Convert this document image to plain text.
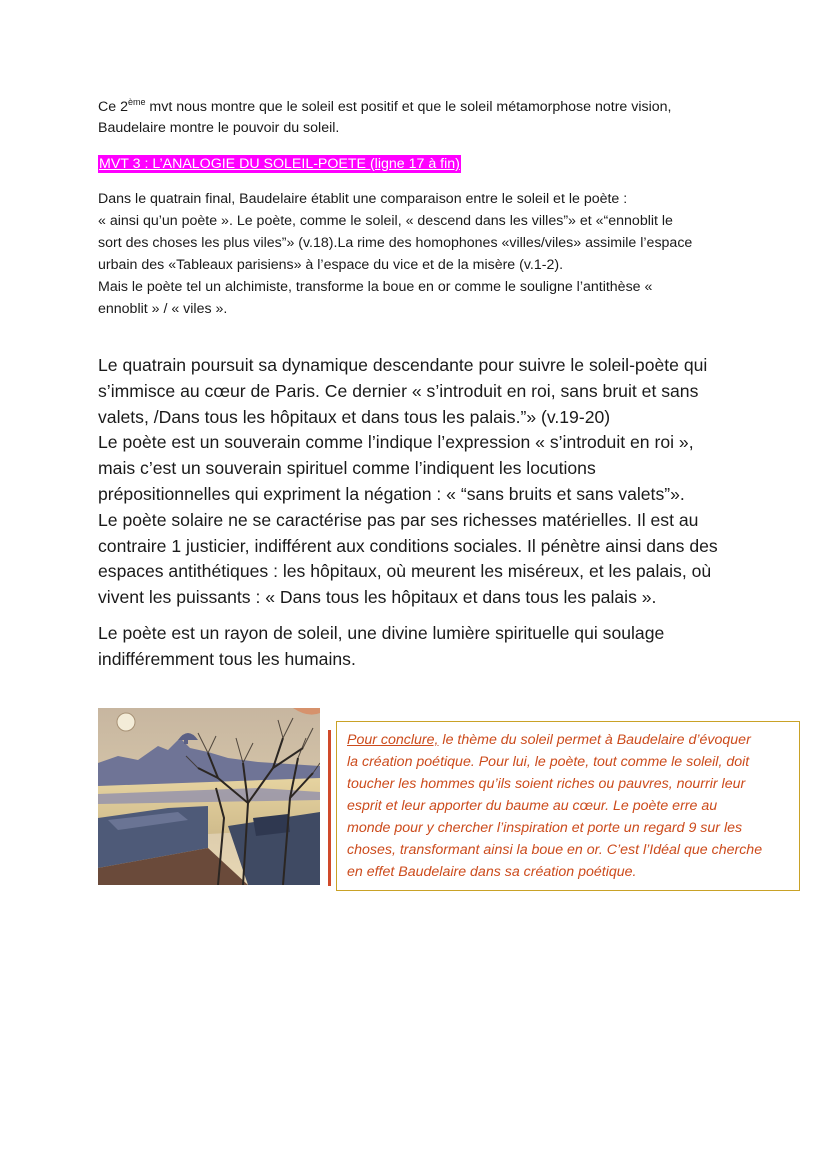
Ce 2ème mvt nous montre que le soleil est positif et que le soleil métamorphose notre vision,
Baudelaire montre le pouvoir du soleil.
MVT 3 : L’ANALOGIE DU SOLEIL-POETE (ligne 17 à fin)
Dans le quatrain final, Baudelaire établit une comparaison entre le soleil et le poète :
« ainsi qu’un poète ». Le poète, comme le soleil, « descend dans les villes”» et «“ennoblit le
sort des choses les plus viles”» (v.18).La rime des homophones «villes/viles» assimile l’espace
urbain des «Tableaux parisiens» à l’espace du vice et de la misère (v.1-2).
Mais le poète tel un alchimiste, transforme la boue en or comme le souligne l’antithèse «
ennoblit » / « viles ».
Le quatrain poursuit sa dynamique descendante pour suivre le soleil-poète qui
s’immisce au cœur de Paris. Ce dernier « s’introduit en roi, sans bruit et sans
valets, /Dans tous les hôpitaux et dans tous les palais.”» (v.19-20)
Le poète est un souverain comme l’indique l’expression « s’introduit en roi »,
mais c’est un souverain spirituel comme l’indiquent les locutions
prépositionnelles qui expriment la négation : « “sans bruits et sans valets”».
Le poète solaire ne se caractérise pas par ses richesses matérielles. Il est au
contraire 1 justicier, indifférent aux conditions sociales. Il pénètre ainsi dans des
espaces antithétiques : les hôpitaux, où meurent les miséreux, et les palais, où
vivent les puissants : « Dans tous les hôpitaux et dans tous les palais ».
Le poète est un rayon de soleil, une divine lumière spirituelle qui soulage indifféremment tous les humains.
Pour conclure, le thème du soleil permet à Baudelaire d’évoquer
la création poétique. Pour lui, le poète, tout comme le soleil, doit
toucher les hommes qu’ils soient riches ou pauvres, nourrir leur
esprit et leur apporter du baume au cœur. Le poète erre au
monde pour y chercher l’inspiration et porte un regard 9 sur les
choses, transformant ainsi la boue en or. C’est l’Idéal que cherche
en effet Baudelaire dans sa création poétique.
